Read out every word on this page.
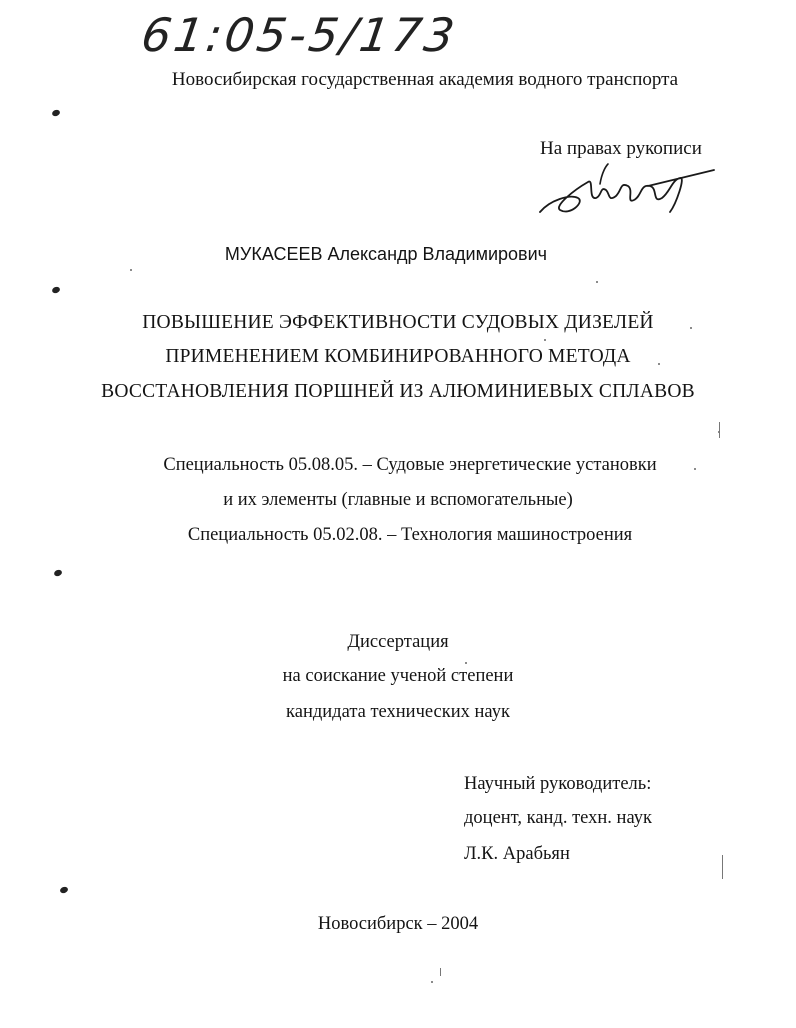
61:05-5/173
Новосибирская государственная академия водного транспорта
На правах рукописи
МУКАСЕЕВ Александр Владимирович
ПОВЫШЕНИЕ ЭФФЕКТИВНОСТИ СУДОВЫХ ДИЗЕЛЕЙ
ПРИМЕНЕНИЕМ КОМБИНИРОВАННОГО МЕТОДА
ВОССТАНОВЛЕНИЯ ПОРШНЕЙ ИЗ АЛЮМИНИЕВЫХ СПЛАВОВ
Специальность 05.08.05. – Судовые энергетические установки
и их элементы (главные и вспомогательные)
Специальность 05.02.08. – Технология машиностроения
Диссертация
на соискание ученой степени
кандидата технических наук
Научный руководитель:
доцент, канд. техн. наук
Л.К. Арабьян
Новосибирск – 2004
